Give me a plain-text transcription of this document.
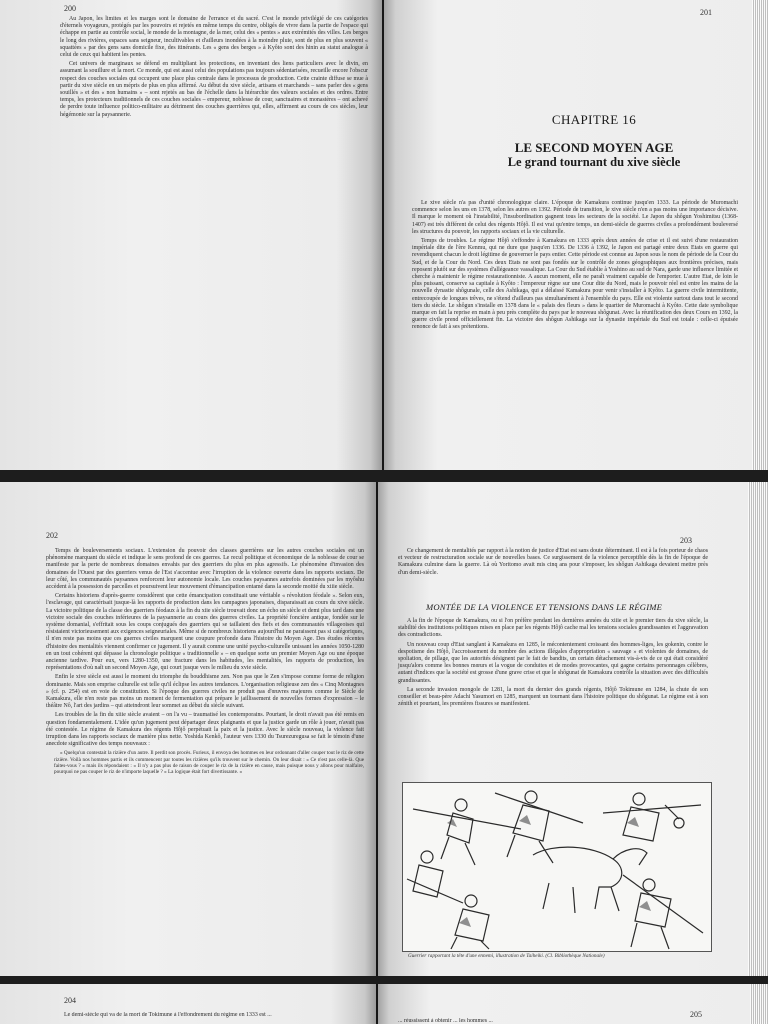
200

Au Japon, les limites et les marges sont le domaine de l'errance et du sacré. C'est le monde privilégié de ces catégories d'éternels voyageurs, protégés par les pouvoirs et rejetés en même temps du centre, obligés de vivre dans la partie de l'espace qui échappe en partie au contrôle social, le monde de la montagne, de la mer, celui des « pentes » aux extrémités des villes. Les berges le long des rivières, espaces sans seigneur, incultivables et d'ailleurs inondées à la moindre pluie, sont de plus en plus souvent « squattées » par des gens sans domicile fixe, des itinérants. Les « gens des berges » à Kyôto sont des hinin au statut analogue à celui de ceux qui habitent les pentes.

Cet univers de marginaux se défend en multipliant les protections, en inventant des liens particuliers avec le divin, en assumant la souillure et la mort. Ce monde, qui est aussi celui des populations pas toujours sédentarisées, recueille encore l'obscur respect des couches sociales qui occupent une place plus centrale dans le processus de production. Cette crainte diffuse se mue à partir du xive siècle en un mépris de plus en plus affirmé. Au début du xive siècle, artisans et marchands – sans parler des « gens souillés » et des « non humains » – sont rejetés au bas de l'échelle dans la hiérarchie des valeurs sociales et des ordres. Entre temps, les protecteurs traditionnels de ces couches sociales – empereur, noblesse de cour, sanctuaires et monastères – ont achevé de perdre toute influence politico-militaire au détriment des couches guerrières qui, elles, affirment au cours de ces siècles, leur hégémonie sur la paysannerie.

201
CHAPITRE 16
LE SECOND MOYEN AGE
Le grand tournant du xive siècle

Le xive siècle n'a pas d'unité chronologique claire. L'époque de Kamakura continue jusqu'en 1333. La période de Muromachi commence selon les uns en 1378, selon les autres en 1392. Période de transition, le xive siècle n'en a pas moins une importance décisive. Il marque le moment où l'instabilité, l'insubordination gagnent tous les secteurs de la société. Le Japon du shôgun Yoshimitsu (1368-1407) est très différent de celui des régents Hôjô. Il est vrai qu'entre temps, un demi-siècle de guerres civiles a profondément bouleversé les structures du pouvoir, les rapports sociaux et la vie culturelle.

Temps de troubles. Le régime Hôjô s'effondre à Kamakura en 1333 après deux années de crise et il est suivi d'une restauration impériale dite de l'ère Kenmu, qui ne dure que jusqu'en 1336. De 1336 à 1392, le Japon est partagé entre deux Etats en guerre qui revendiquent chacun le droit légitime de gouverner le pays entier. Cette période est connue au Japon sous le nom de période de la Cour du Sud, et de la Cour du Nord. Ces deux Etats ne sont pas fondés sur le contrôle de zones géographiques aux frontières précises, mais reposent plutôt sur des systèmes d'allégeance vassalique. La Cour du Sud établie à Yoshino au sud de Nara, garde une influence limitée et cherche à maintenir le régime restaurationniste. A aucun moment, elle ne paraît vraiment capable de l'emporter. L'autre Etat, de loin le plus puissant, conserve sa capitale à Kyôto : l'empereur règne sur une Cour dite du Nord, mais le pouvoir réel est entre les mains de la nouvelle dynastie shôgunale, celle des Ashikaga, qui a délaissé Kamakura pour venir s'installer à Kyôto. La guerre civile intermittente, entrecoupée de longues trêves, ne s'étend d'ailleurs pas simultanément à l'ensemble du pays. Elle est violente surtout dans tout le second tiers du siècle. Le shôgun s'installe en 1378 dans le « palais des fleurs » dans le quartier de Muromachi à Kyôto. Cette date symbolique marque en fait la reprise en main à peu près complète du pays par le nouveau shôgunat. Avec la réunification des deux Cours en 1392, la guerre civile prend officiellement fin. La victoire des shôgun Ashikaga sur la dynastie impériale du Sud est totale : celle-ci épuisée renonce de fait à ses prétentions.

202

Temps de bouleversements sociaux. L'extension du pouvoir des classes guerrières sur les autres couches sociales est un phénomène marquant du siècle et indique le sens profond de ces guerres. Le recul politique et économique de la noblesse de cour se manifeste par la perte de nombreux domaines envahis par des guerriers du plus en plus agressifs. Le phénomène d'invasion des domaines de l'Ouest par des guerriers venus de l'Est s'accentue avec l'irruption de la violence ouverte dans les rapports sociaux. De leur côté, les communautés paysannes renforcent leur autonomie locale. Les couches paysannes autrefois dominées par les myôshu accèdent à la possession de parcelles et poursuivent leur mouvement d'émancipation entamé dans la seconde moitié du xiiie siècle.

Certains historiens d'après-guerre considèrent que cette émancipation constituait une véritable « révolution féodale ». Selon eux, l'esclavage, qui caractérisait jusque-là les rapports de production dans les campagnes japonaises, disparaissait au cours du xive siècle. La victoire politique de la classe des guerriers féodaux à la fin du xiie siècle trouvait donc un écho un siècle et demi plus tard dans une victoire sociale des couches inférieures de la paysannerie au cours des guerres civiles. La propriété foncière antique, fondée sur le système domanial, s'effritait sous les coups conjugués des guerriers qui se taillaient des fiefs et des communautés villageoises qui résistaient victorieusement aux exigences seigneuriales. Même si de nombreux historiens aujourd'hui ne paraissent pas si catégoriques, il n'en reste pas moins que ces guerres civiles marquent une coupure profonde dans l'histoire du Moyen Age. Des études récentes d'histoire des mentalités viennent confirmer ce jugement. Il y aurait comme une unité psycho-culturelle unissant les années 1050-1280 en un tout cohérent qui dépasse la chronologie politique « traditionnelle » – en quelque sorte un premier Moyen Age ou une époque ancienne tardive. Pour eux, vers 1280-1350, une fracture dans les habitudes, les mentalités, les rapports de production, les représentations d'où naît un second Moyen Age, qui court jusque vers le milieu du xvie siècle.

Enfin le xive siècle est aussi le moment du triomphe du bouddhisme zen. Non pas que le Zen s'impose comme forme de religion dominante. Mais son emprise culturelle est telle qu'il éclipse les autres tendances. L'organisation religieuse zen des « Cinq Montagnes » (cf. p. 254) est en voie de constitution. Si l'époque des guerres civiles ne produit pas d'œuvres majeures comme le Siècle de Kamakura, elle n'en reste pas moins un moment de fermentation qui prépare le jaillissement de nouvelles formes d'expression – le théâtre Nô, l'art des jardins – qui atteindront leur sommet au début du siècle suivant.

Les troubles de la fin du xiiie siècle avaient – on l'a vu – traumatisé les contemporains. Pourtant, le droit n'avait pas été remis en question fondamentalement. L'idée qu'un jugement peut départager deux plaignants et que la justice garde un rôle à jouer, n'avait pas été contestée. Le régime de Kamakura des régents Hôjô perpétuait la paix et la justice. Avec le siècle nouveau, la violence fait irruption dans les rapports sociaux de manière plus nette. Yoshida Kenkô, l'auteur vers 1330 du Tsurezuregusa se fait le témoin d'une anecdote significative des temps nouveaux :

« Quelqu'un contestait la rizière d'un autre. Il perdit son procès. Furieux, il envoya des hommes en leur ordonnant d'aller couper tout le riz de cette rizière. Voilà nos hommes partis et ils commencent par toutes les rizières qu'ils trouvent sur le chemin. On leur disait : « Ce n'est pas celle-là. Que faites-vous ? » mais ils répondaient : « Il n'y a pas plus de raison de couper le riz de la rizière en cause, mais puisque nous y allons pour malfaire, pourquoi ne pas couper le riz de n'importe laquelle ? » La logique était fort divertissante. »

203

Ce changement de mentalités par rapport à la notion de justice d'Etat est sans doute déterminant. Il est à la fois porteur de chaos et vecteur de restructuration sociale sur de nouvelles bases. Ce surgissement de la violence perceptible dès la fin de l'époque de Kamakura culmine dans la guerre. Là où Yoritomo avait mis cinq ans pour s'imposer, les shôgun Ashikaga devaient mettre près d'un demi-siècle.

MONTÉE DE LA VIOLENCE ET TENSIONS DANS LE RÉGIME

A la fin de l'époque de Kamakura, ou si l'on préfère pendant les dernières années du xiiie et le premier tiers du xive siècle, la stabilité des institutions politiques mises en place par les régents Hôjô cache mal les tensions sociales grandissantes et l'aggravation des contradictions.

Un nouveau coup d'Etat sanglant à Kamakura en 1285, le mécontentement croissant des hommes-liges, les gokenin, contre le despotisme des Hôjô, l'accroissement du nombre des actions illégales d'appropriation « sauvage » et violentes de domaines, de spoliation, de pillage, que les autorités désignent par le fait de bandits, un certain détachement vis-à-vis de ce qui était considéré jusqu'alors comme les bonnes mœurs et la vogue de conduites et de modes provocantes, qui gagne certains personnages célèbres, autant d'indices que la société est grosse d'une grave crise et que le shôgunat de Kamakura contrôle la situation avec des difficultés grandissantes.

La seconde invasion mongole de 1281, la mort du dernier des grands régents, Hôjô Tokimune en 1284, la chute de son conseiller et beau-père Adachi Yasumori en 1285, marquent un tournant dans l'histoire politique du shôgunat. Le régime est à son zénith et pourtant, les premières fissures se manifestent.

Guerrier rapportant la tête d'une ennemi, illustration de Taiheiki. (Cl. Bibliothèque Nationale)
204
Le demi-siècle qui va de la mort de Tokimune à l'effondrement du régime en 1333 est ...	205
... réussissent à obtenir ... les hommes ...
